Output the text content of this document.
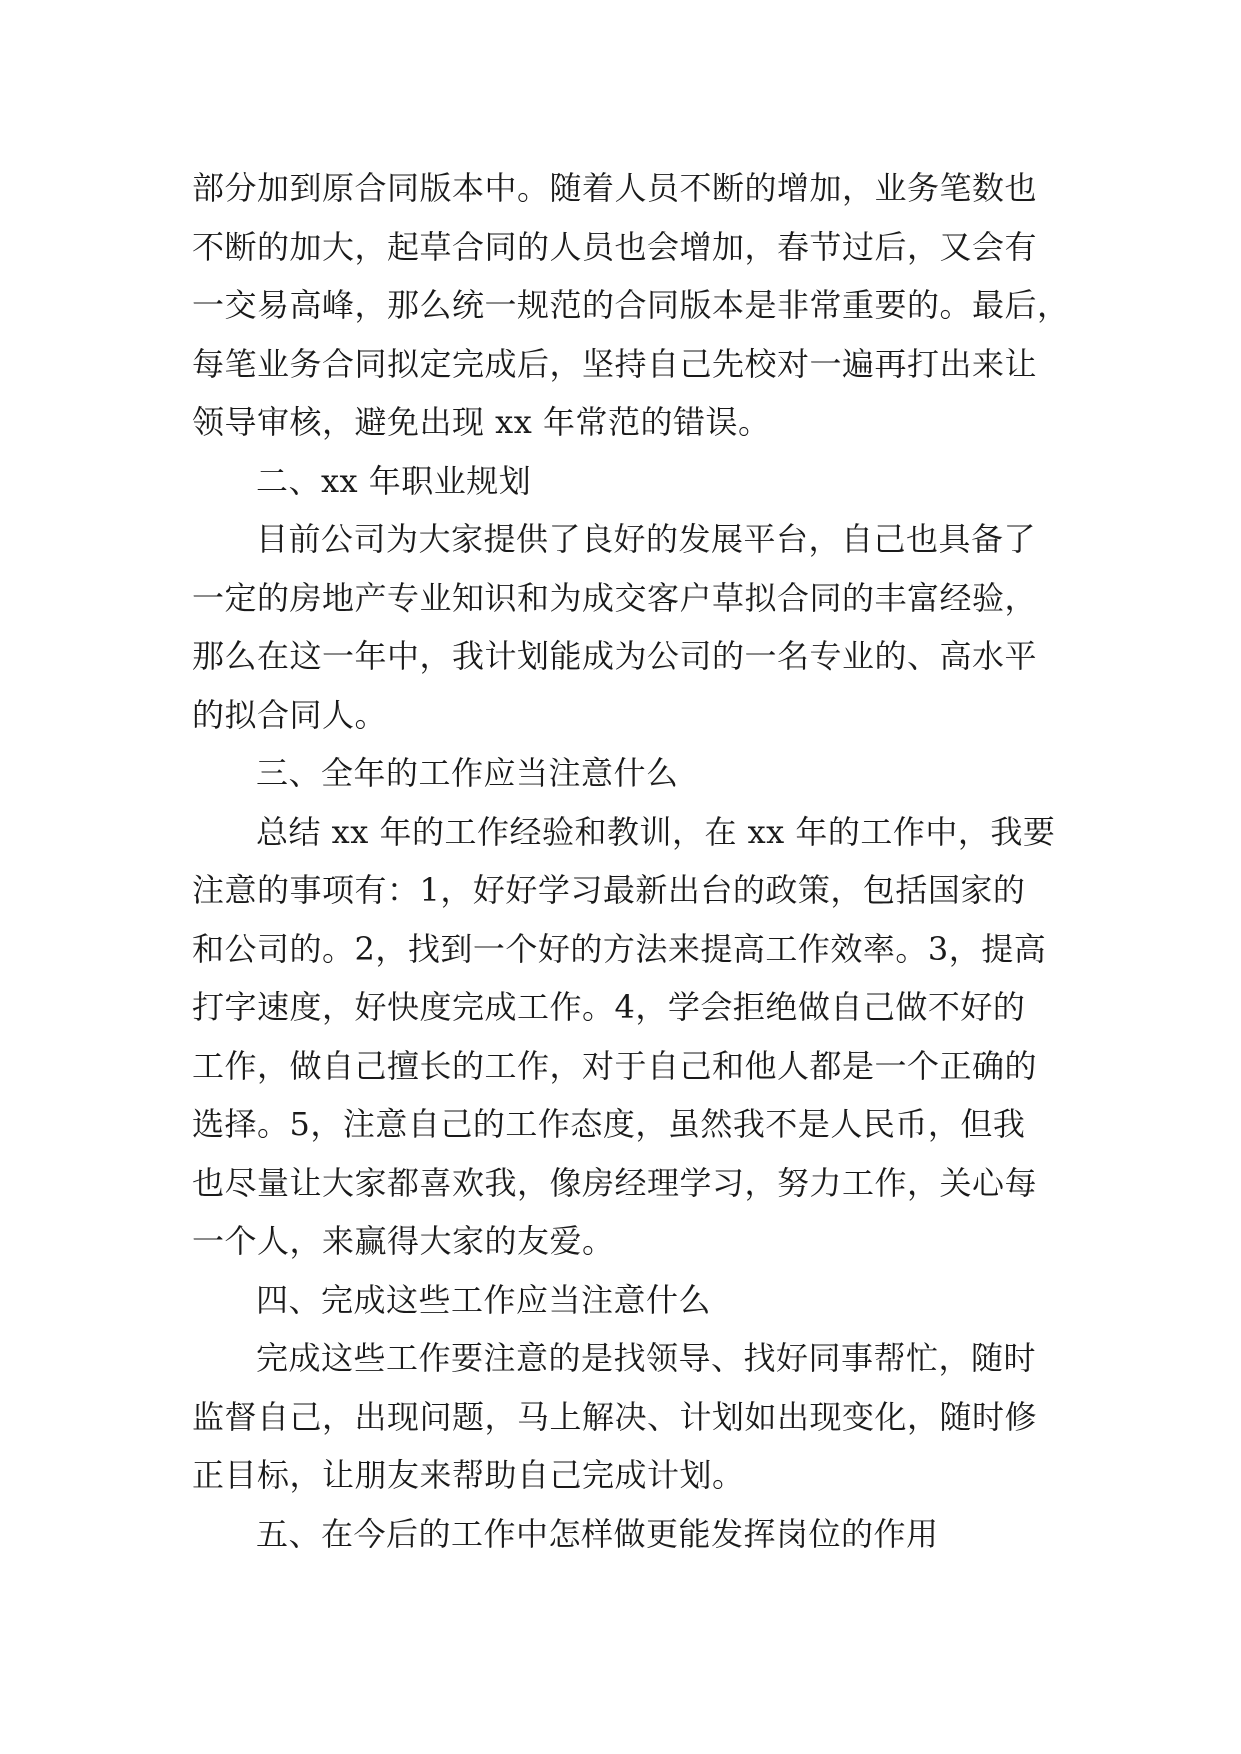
部分加到原合同版本中。随着人员不断的增加，业务笔数也
不断的加大，起草合同的人员也会增加，春节过后，又会有
一交易高峰，那么统一规范的合同版本是非常重要的。最后，
每笔业务合同拟定完成后，坚持自己先校对一遍再打出来让
领导审核，避免出现 xx 年常范的错误。
二、xx 年职业规划
目前公司为大家提供了良好的发展平台，自己也具备了
一定的房地产专业知识和为成交客户草拟合同的丰富经验，
那么在这一年中，我计划能成为公司的一名专业的、高水平
的拟合同人。
三、全年的工作应当注意什么
总结 xx 年的工作经验和教训，在 xx 年的工作中，我要
注意的事项有：1，好好学习最新出台的政策，包括国家的
和公司的。2，找到一个好的方法来提高工作效率。3，提高
打字速度，好快度完成工作。4，学会拒绝做自己做不好的
工作，做自己擅长的工作，对于自己和他人都是一个正确的
选择。5，注意自己的工作态度，虽然我不是人民币，但我
也尽量让大家都喜欢我，像房经理学习，努力工作，关心每
一个人，来赢得大家的友爱。
四、完成这些工作应当注意什么
完成这些工作要注意的是找领导、找好同事帮忙，随时
监督自己，出现问题，马上解决、计划如出现变化，随时修
正目标，让朋友来帮助自己完成计划。
五、在今后的工作中怎样做更能发挥岗位的作用
